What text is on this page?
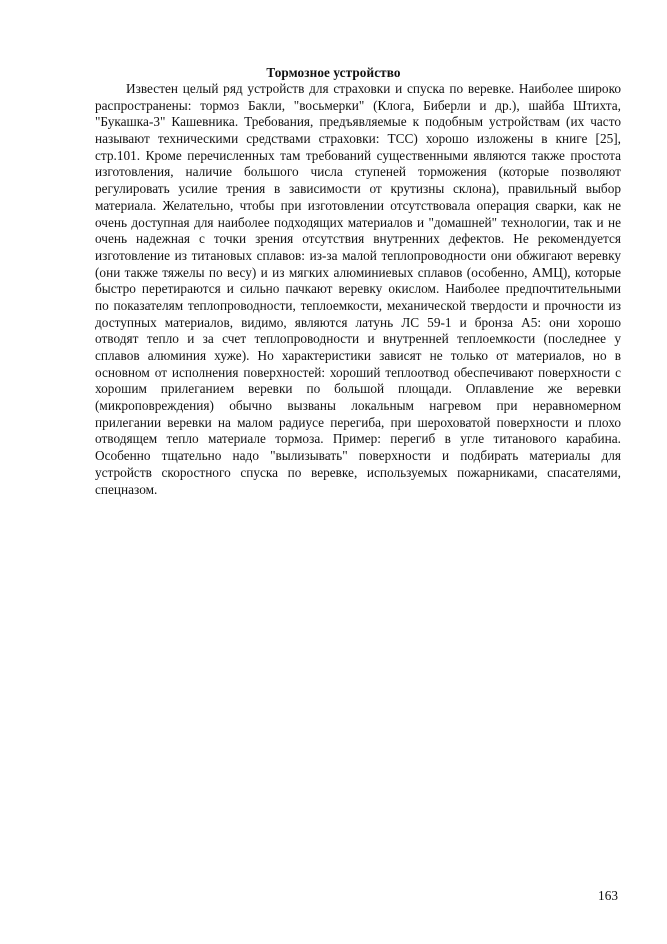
Тормозное устройство
Известен целый ряд устройств для страховки и спуска по веревке. Наиболее широко
распространены: тормоз Бакли, "восьмерки" (Клога, Биберли и др.), шайба Штихта,
"Букашка-3" Кашевника. Требования, предъявляемые к подобным устройствам (их часто
называют техническими средствами страховки: ТСС) хорошо изложены в книге [25],
стр.101. Кроме перечисленных там требований существенными являются также простота
изготовления, наличие большого числа ступеней торможения (которые позволяют
регулировать усилие трения в зависимости от крутизны склона), правильный выбор
материала. Желательно, чтобы при изготовлении отсутствовала операция сварки, как не
очень доступная для наиболее подходящих материалов и "домашней" технологии, так и не
очень надежная с точки зрения отсутствия внутренних дефектов. Не рекомендуется
изготовление из титановых сплавов: из-за малой теплопроводности они обжигают веревку
(они также тяжелы по весу) и из мягких алюминиевых сплавов (особенно, АМЦ), которые
быстро перетираются и сильно пачкают веревку окислом. Наиболее предпочтительными
по показателям теплопроводности, теплоемкости, механической твердости и прочности из
доступных материалов, видимо, являются латунь ЛС 59-1 и бронза А5: они хорошо
отводят тепло и за счет теплопроводности и внутренней теплоемкости (последнее у
сплавов алюминия хуже). Но характеристики зависят не только от материалов, но в
основном от исполнения поверхностей: хороший теплоотвод обеспечивают поверхности с
хорошим прилеганием веревки по большой площади. Оплавление же веревки
(микроповреждения) обычно вызваны локальным нагревом при неравномерном
прилегании веревки на малом радиусе перегиба, при шероховатой поверхности и плохо
отводящем тепло материале тормоза. Пример: перегиб в угле титанового карабина.
Особенно тщательно надо "вылизывать" поверхности и подбирать материалы для
устройств скоростного спуска по веревке, используемых пожарниками, спасателями,
спецназом.
163
